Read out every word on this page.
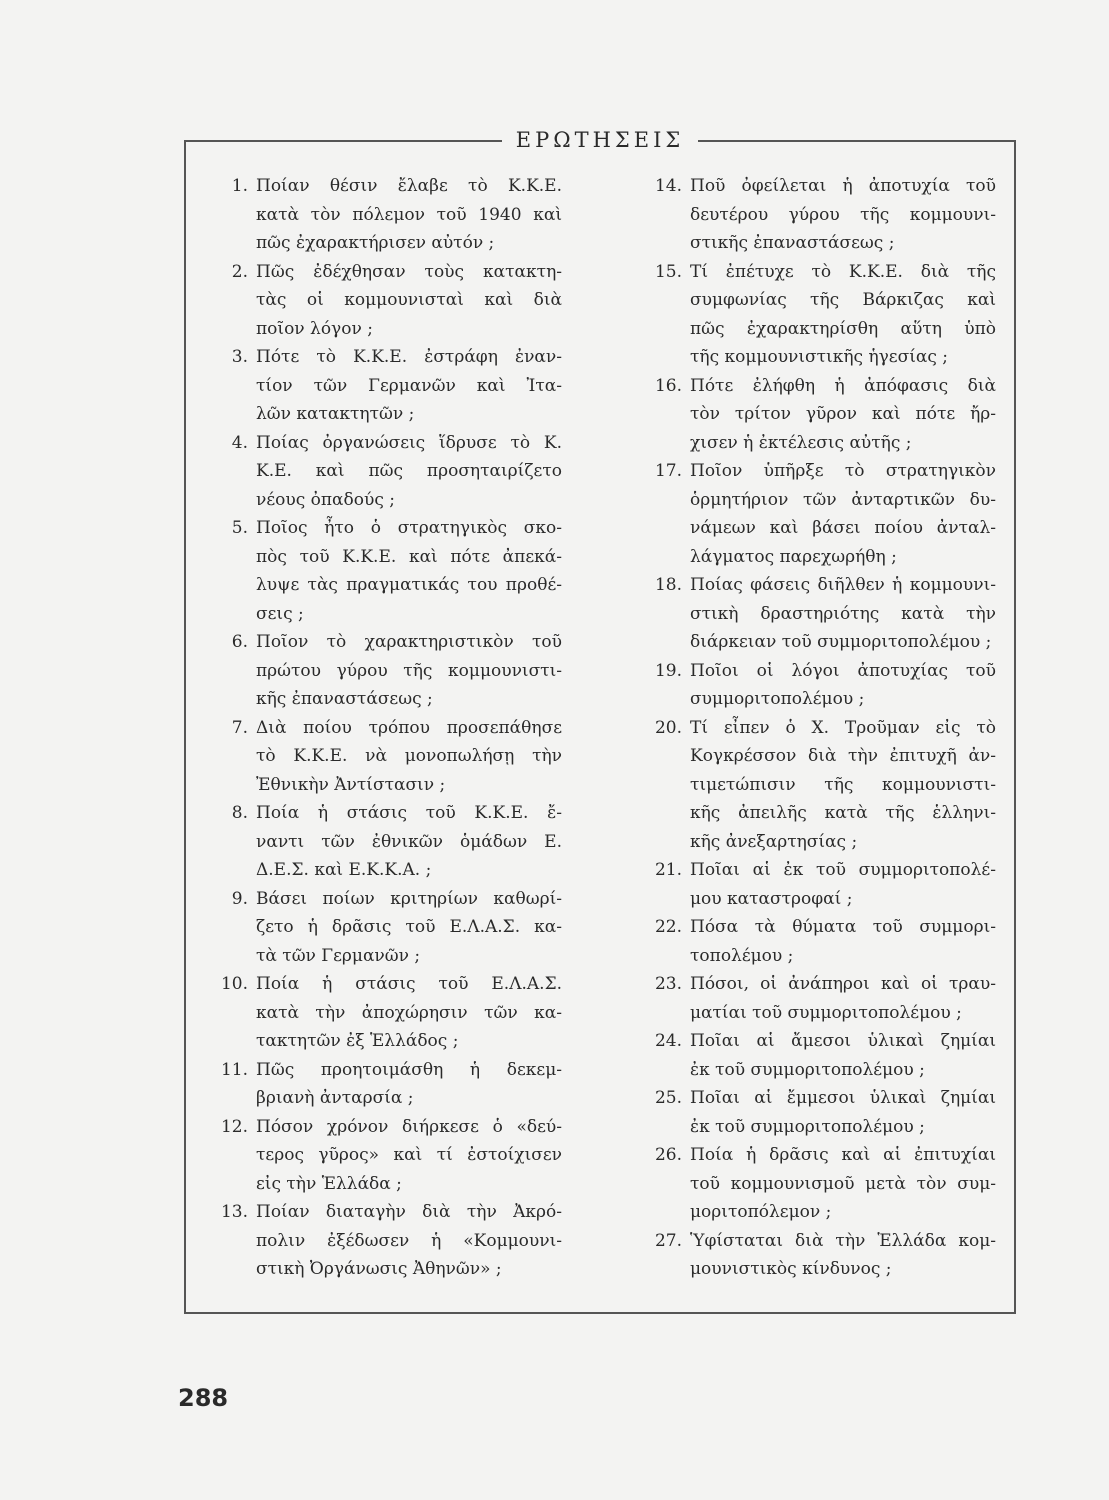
ΕΡΩΤΗΣΕΙΣ
1. Ποίαν θέσιν ἔλαβε τὸ Κ.Κ.Ε.
κατὰ τὸν πόλεμον τοῦ 1940 καὶ
πῶς ἐχαρακτήρισεν αὐτόν ;
2. Πῶς ἐδέχθησαν τοὺς κατακτη-
τὰς οἱ κομμουνισταὶ καὶ διὰ
ποῖον λόγον ;
3. Πότε τὸ Κ.Κ.Ε. ἐστράφη ἐναν-
τίον τῶν Γερμανῶν καὶ Ἰτα-
λῶν κατακτητῶν ;
4. Ποίας ὀργανώσεις ἵδρυσε τὸ Κ.
Κ.Ε. καὶ πῶς προσηταιρίζετο
νέους ὀπαδούς ;
5. Ποῖος ἦτο ὁ στρατηγικὸς σκο-
πὸς τοῦ Κ.Κ.Ε. καὶ πότε ἀπεκά-
λυψε τὰς πραγματικάς του προθέ-
σεις ;
6. Ποῖον τὸ χαρακτηριστικὸν τοῦ
πρώτου γύρου τῆς κομμουνιστι-
κῆς ἐπαναστάσεως ;
7. Διὰ ποίου τρόπου προσεπάθησε
τὸ Κ.Κ.Ε. νὰ μονοπωλήσῃ τὴν
Ἐθνικὴν Ἀντίστασιν ;
8. Ποία ἡ στάσις τοῦ Κ.Κ.Ε. ἔ-
ναντι τῶν ἐθνικῶν ὁμάδων Ε.
Δ.Ε.Σ. καὶ Ε.Κ.Κ.Α. ;
9. Βάσει ποίων κριτηρίων καθωρί-
ζετο ἡ δρᾶσις τοῦ Ε.Λ.Α.Σ. κα-
τὰ τῶν Γερμανῶν ;
10. Ποία ἡ στάσις τοῦ Ε.Λ.Α.Σ.
κατὰ τὴν ἀποχώρησιν τῶν κα-
τακτητῶν ἐξ Ἑλλάδος ;
11. Πῶς προητοιμάσθη ἡ δεκεμ-
βριανὴ ἀνταρσία ;
12. Πόσον χρόνον διήρκεσε ὁ «δεύ-
τερος γῦρος» καὶ τί ἐστοίχισεν
εἰς τὴν Ἑλλάδα ;
13. Ποίαν διαταγὴν διὰ τὴν Ἀκρό-
πολιν ἐξέδωσεν ἡ «Κομμουνι-
στικὴ Ὀργάνωσις Ἀθηνῶν» ;
14. Ποῦ ὀφείλεται ἡ ἀποτυχία τοῦ
δευτέρου γύρου τῆς κομμουνι-
στικῆς ἐπαναστάσεως ;
15. Τί ἐπέτυχε τὸ Κ.Κ.Ε. διὰ τῆς
συμφωνίας τῆς Βάρκιζας καὶ
πῶς ἐχαρακτηρίσθη αὕτη ὑπὸ
τῆς κομμουνιστικῆς ἡγεσίας ;
16. Πότε ἐλήφθη ἡ ἀπόφασις διὰ
τὸν τρίτον γῦρον καὶ πότε ἤρ-
χισεν ἡ ἐκτέλεσις αὐτῆς ;
17. Ποῖον ὑπῆρξε τὸ στρατηγικὸν
ὁρμητήριον τῶν ἀνταρτικῶν δυ-
νάμεων καὶ βάσει ποίου ἀνταλ-
λάγματος παρεχωρήθη ;
18. Ποίας φάσεις διῆλθεν ἡ κομμουνι-
στικὴ δραστηριότης κατὰ τὴν
διάρκειαν τοῦ συμμοριτοπολέμου ;
19. Ποῖοι οἱ λόγοι ἀποτυχίας τοῦ
συμμοριτοπολέμου ;
20. Τί εἶπεν ὁ Χ. Τροῦμαν εἰς τὸ
Κογκρέσσον διὰ τὴν ἐπιτυχῆ ἀν-
τιμετώπισιν τῆς κομμουνιστι-
κῆς ἀπειλῆς κατὰ τῆς ἑλληνι-
κῆς ἀνεξαρτησίας ;
21. Ποῖαι αἱ ἐκ τοῦ συμμοριτοπολέ-
μου καταστροφαί ;
22. Πόσα τὰ θύματα τοῦ συμμορι-
τοπολέμου ;
23. Πόσοι, οἱ ἀνάπηροι καὶ οἱ τραυ-
ματίαι τοῦ συμμοριτοπολέμου ;
24. Ποῖαι αἱ ἄμεσοι ὑλικαὶ ζημίαι
ἐκ τοῦ συμμοριτοπολέμου ;
25. Ποῖαι αἱ ἔμμεσοι ὑλικαὶ ζημίαι
ἐκ τοῦ συμμοριτοπολέμου ;
26. Ποία ἡ δρᾶσις καὶ αἱ ἐπιτυχίαι
τοῦ κομμουνισμοῦ μετὰ τὸν συμ-
μοριτοπόλεμον ;
27. Ὑφίσταται διὰ τὴν Ἑλλάδα κομ-
μουνιστικὸς κίνδυνος ;
288
